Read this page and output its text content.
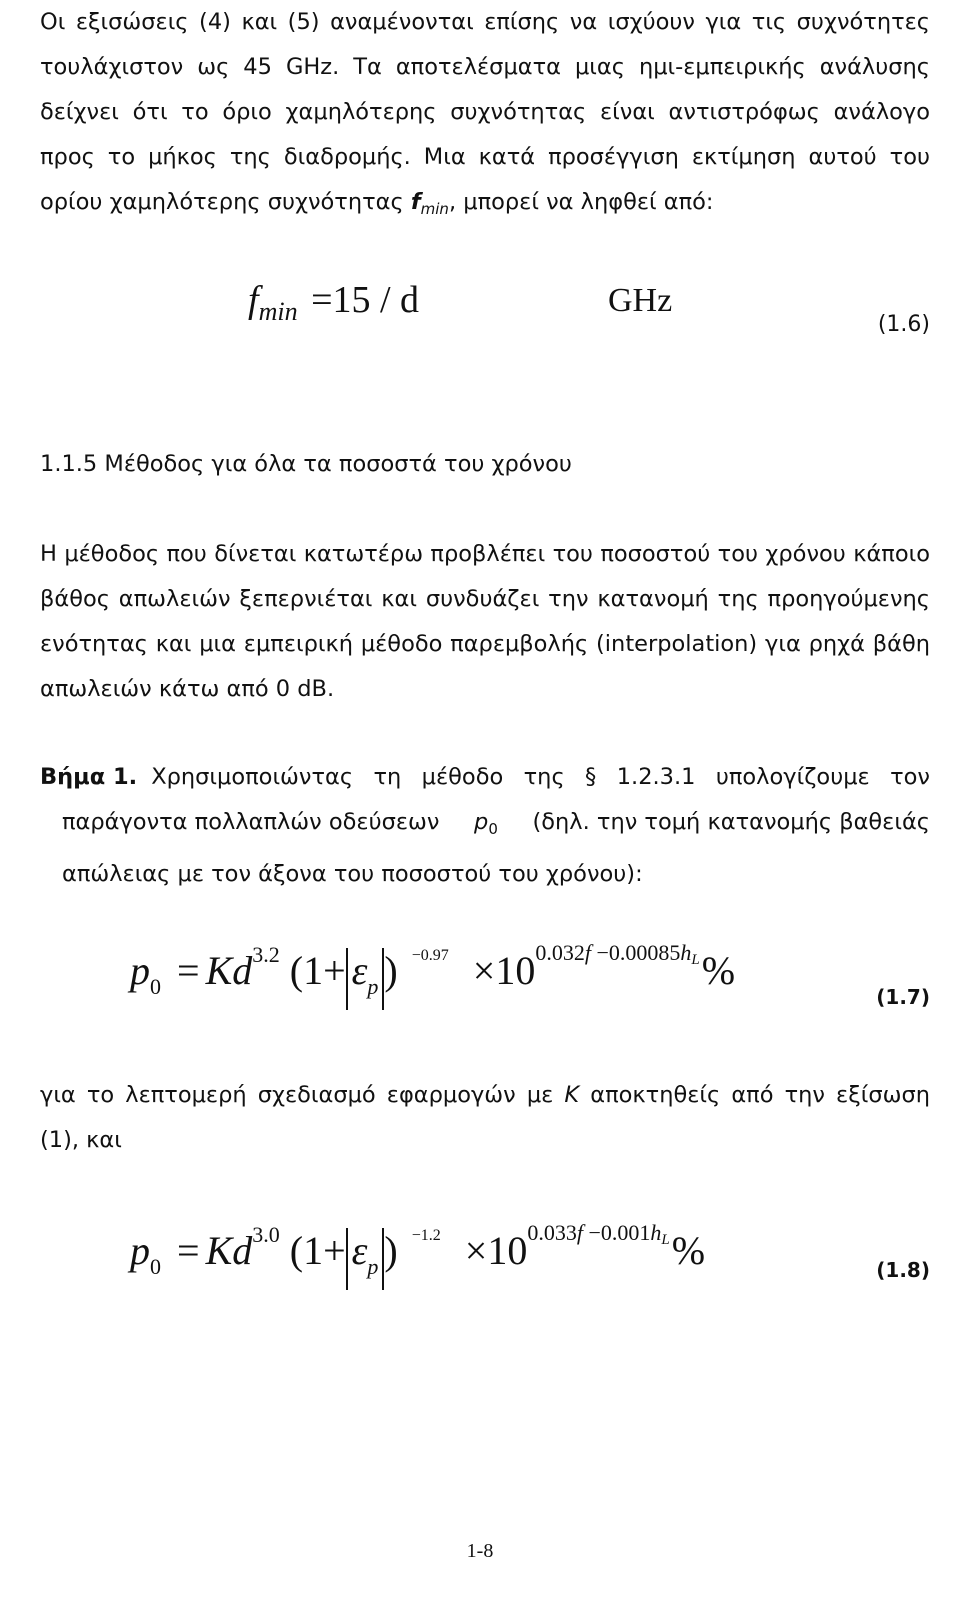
Οι εξισώσεις (4) και (5) αναμένονται επίσης να ισχύουν για τις συχνότητες τουλάχιστον ως 45 GHz. Τα αποτελέσματα μιας ημι-εμπειρικής ανάλυσης δείχνει ότι το όριο χαμηλότερης συχνότητας είναι αντιστρόφως ανάλογο προς το μήκος της διαδρομής. Μια κατά προσέγγιση εκτίμηση αυτού του ορίου χαμηλότερης συχνότητας $f_{min}$, μπορεί να ληφθεί από:
$f_{min} =15 / d$	GHz
(1.6)
1.1.5 Μέθοδος για όλα τα ποσοστά του χρόνου
Η μέθοδος που δίνεται κατωτέρω προβλέπει του ποσοστού του χρόνου κάποιο βάθος απωλειών ξεπερνιέται και συνδυάζει την κατανομή της προηγούμενης ενότητας και μια εμπειρική μέθοδο παρεμβολής (interpolation) για ρηχά βάθη απωλειών κάτω από 0 dB.
Βήμα 1. Χρησιμοποιώντας τη μέθοδο της § 1.2.3.1 υπολογίζουμε τον
παράγοντα πολλαπλών οδεύσεων $p_0$ (δηλ. την τομή κατανομής βαθειάς
απώλειας με τον άξονα του ποσοστού του χρόνου):
$p_0 = Kd^{3.2}$ ($1+ \varepsilon_p$ ) $^{-0.97} \times 10^{0.032f -0.00085hL}\%$
(1.7)
για το λεπτομερή σχεδιασμό εφαρμογών με K αποκτηθείς από την εξίσωση (1), και
$p_0 = Kd^{3.0}$ ($1+ \varepsilon_p$ ) $^{-1.2} \times 10^{0.033f -0.001hL}\%$	(1.8)
1-8
